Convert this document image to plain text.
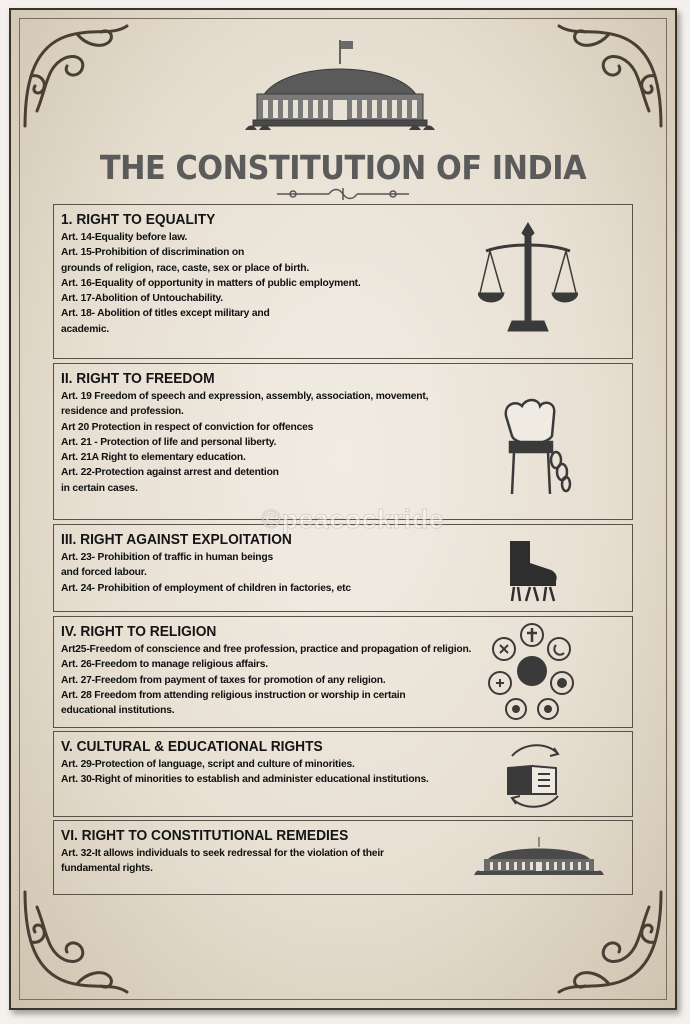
THE CONSTITUTION OF INDIA
1. RIGHT TO EQUALITY
Art. 14-Equality before law.
Art. 15-Prohibition of discrimination on
grounds of religion, race, caste, sex or place of birth.
Art. 16-Equality of opportunity in matters of public employment.
Art. 17-Abolition of Untouchability.
Art. 18- Abolition of titles except military and
academic.
II. RIGHT TO FREEDOM
Art. 19 Freedom of speech and expression, assembly, association, movement,
residence and profession.
Art 20 Protection in respect of conviction for offences
Art. 21 - Protection of life and personal liberty.
Art. 21A Right to elementary education.
Art. 22-Protection against arrest and detention
in certain cases.
III. RIGHT AGAINST EXPLOITATION
Art. 23- Prohibition of traffic in human beings
and forced labour.
Art. 24- Prohibition of employment of children in factories, etc
IV. RIGHT TO RELIGION
Art25-Freedom of conscience and free profession, practice and propagation of religion.
Art. 26-Freedom to manage religious affairs.
Art. 27-Freedom from payment of taxes for promotion of any religion.
Art. 28 Freedom from attending religious instruction or worship in certain
educational institutions.
V. CULTURAL & EDUCATIONAL RIGHTS
Art. 29-Protection of language, script and culture of minorities.
Art. 30-Right of minorities to establish and administer educational institutions.
VI. RIGHT TO CONSTITUTIONAL REMEDIES
Art. 32-It allows individuals to seek redressal for the violation of their
fundamental rights.
©peacockride
